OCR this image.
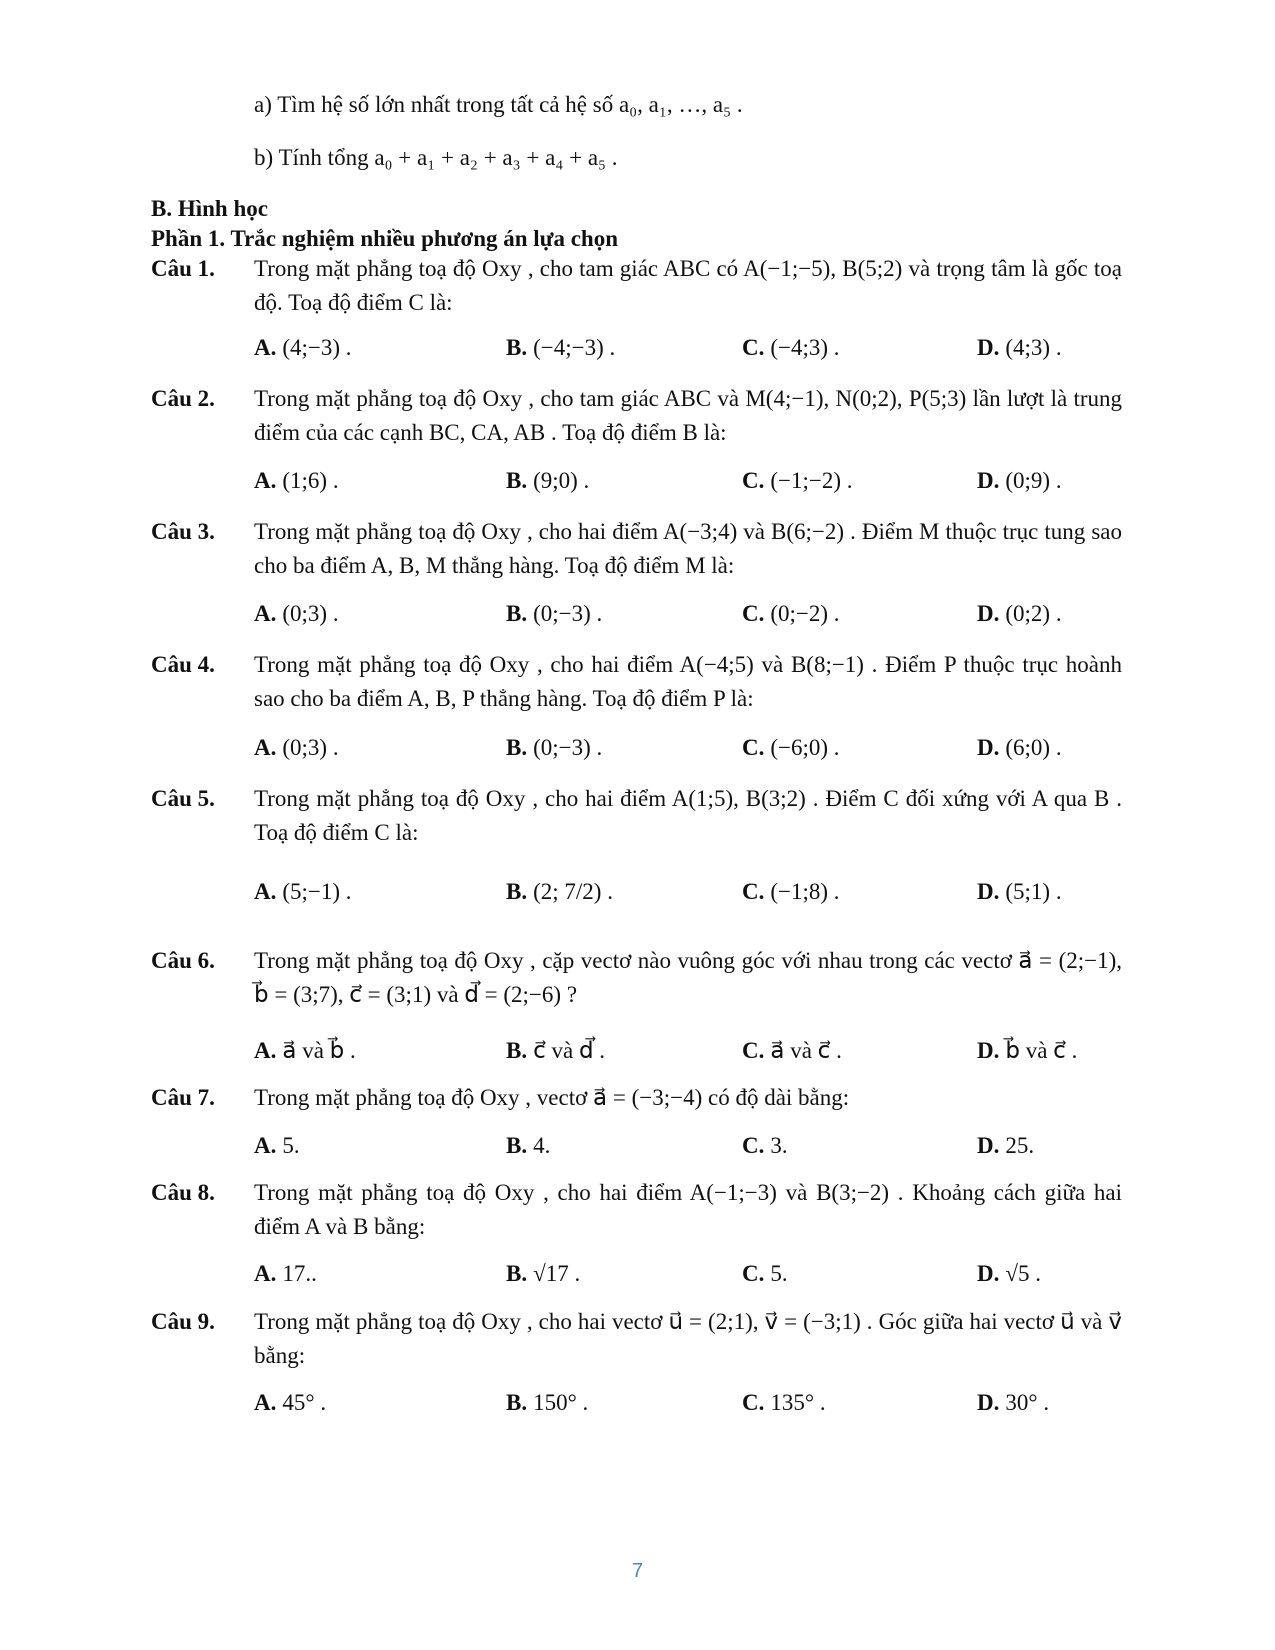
a) Tìm hệ số lớn nhất trong tất cả hệ số a₀, a₁, …, a₅ .
b) Tính tổng a₀ + a₁ + a₂ + a₃ + a₄ + a₅ .
B. Hình học
Phần 1. Trắc nghiệm nhiều phương án lựa chọn
Câu 1. Trong mặt phẳng toạ độ Oxy , cho tam giác ABC có A(−1;−5), B(5;2) và trọng tâm là gốc toạ độ. Toạ độ điểm C là:

A. (4;−3) .	B. (−4;−3) .	C. (−4;3) .	D. (4;3) .
Câu 2. Trong mặt phẳng toạ độ Oxy , cho tam giác ABC và M(4;−1), N(0;2), P(5;3) lần lượt là trung điểm của các cạnh BC, CA, AB . Toạ độ điểm B là:

A. (1;6) .	B. (9;0) .	C. (−1;−2) .	D. (0;9) .
Câu 3. Trong mặt phẳng toạ độ Oxy , cho hai điểm A(−3;4) và B(6;−2) . Điểm M thuộc trục tung sao cho ba điểm A, B, M thẳng hàng. Toạ độ điểm M là:

A. (0;3) .	B. (0;−3) .	C. (0;−2) .	D. (0;2) .
Câu 4. Trong mặt phẳng toạ độ Oxy , cho hai điểm A(−4;5) và B(8;−1) . Điểm P thuộc trục hoành sao cho ba điểm A, B, P thẳng hàng. Toạ độ điểm P là:

A. (0;3) .	B. (0;−3) .	C. (−6;0) .	D. (6;0) .
Câu 5. Trong mặt phẳng toạ độ Oxy , cho hai điểm A(1;5), B(3;2) . Điểm C đối xứng với A qua B . Toạ độ điểm C là:

A. (5;−1) .	B. (2; 7/2) .	C. (−1;8) .	D. (5;1) .
Câu 6. Trong mặt phẳng toạ độ Oxy , cặp vectơ nào vuông góc với nhau trong các vectơ a⃗ = (2;−1), b⃗ = (3;7), c⃗ = (3;1) và d⃗ = (2;−6) ?

A. a⃗ và b⃗ .	B. c⃗ và d⃗ .	C. a⃗ và c⃗ .	D. b⃗ và c⃗ .
Câu 7. Trong mặt phẳng toạ độ Oxy , vectơ a⃗ = (−3;−4) có độ dài bằng:

A. 5.	B. 4.	C. 3.	D. 25.
Câu 8. Trong mặt phẳng toạ độ Oxy , cho hai điểm A(−1;−3) và B(3;−2) . Khoảng cách giữa hai điểm A và B bằng:

A. 17..	B. √17 .	C. 5.	D. √5 .
Câu 9. Trong mặt phẳng toạ độ Oxy , cho hai vectơ u⃗ = (2;1), v⃗ = (−3;1) . Góc giữa hai vectơ u⃗ và v⃗ bằng:

A. 45° .	B. 150° .	C. 135° .	D. 30° .
7
